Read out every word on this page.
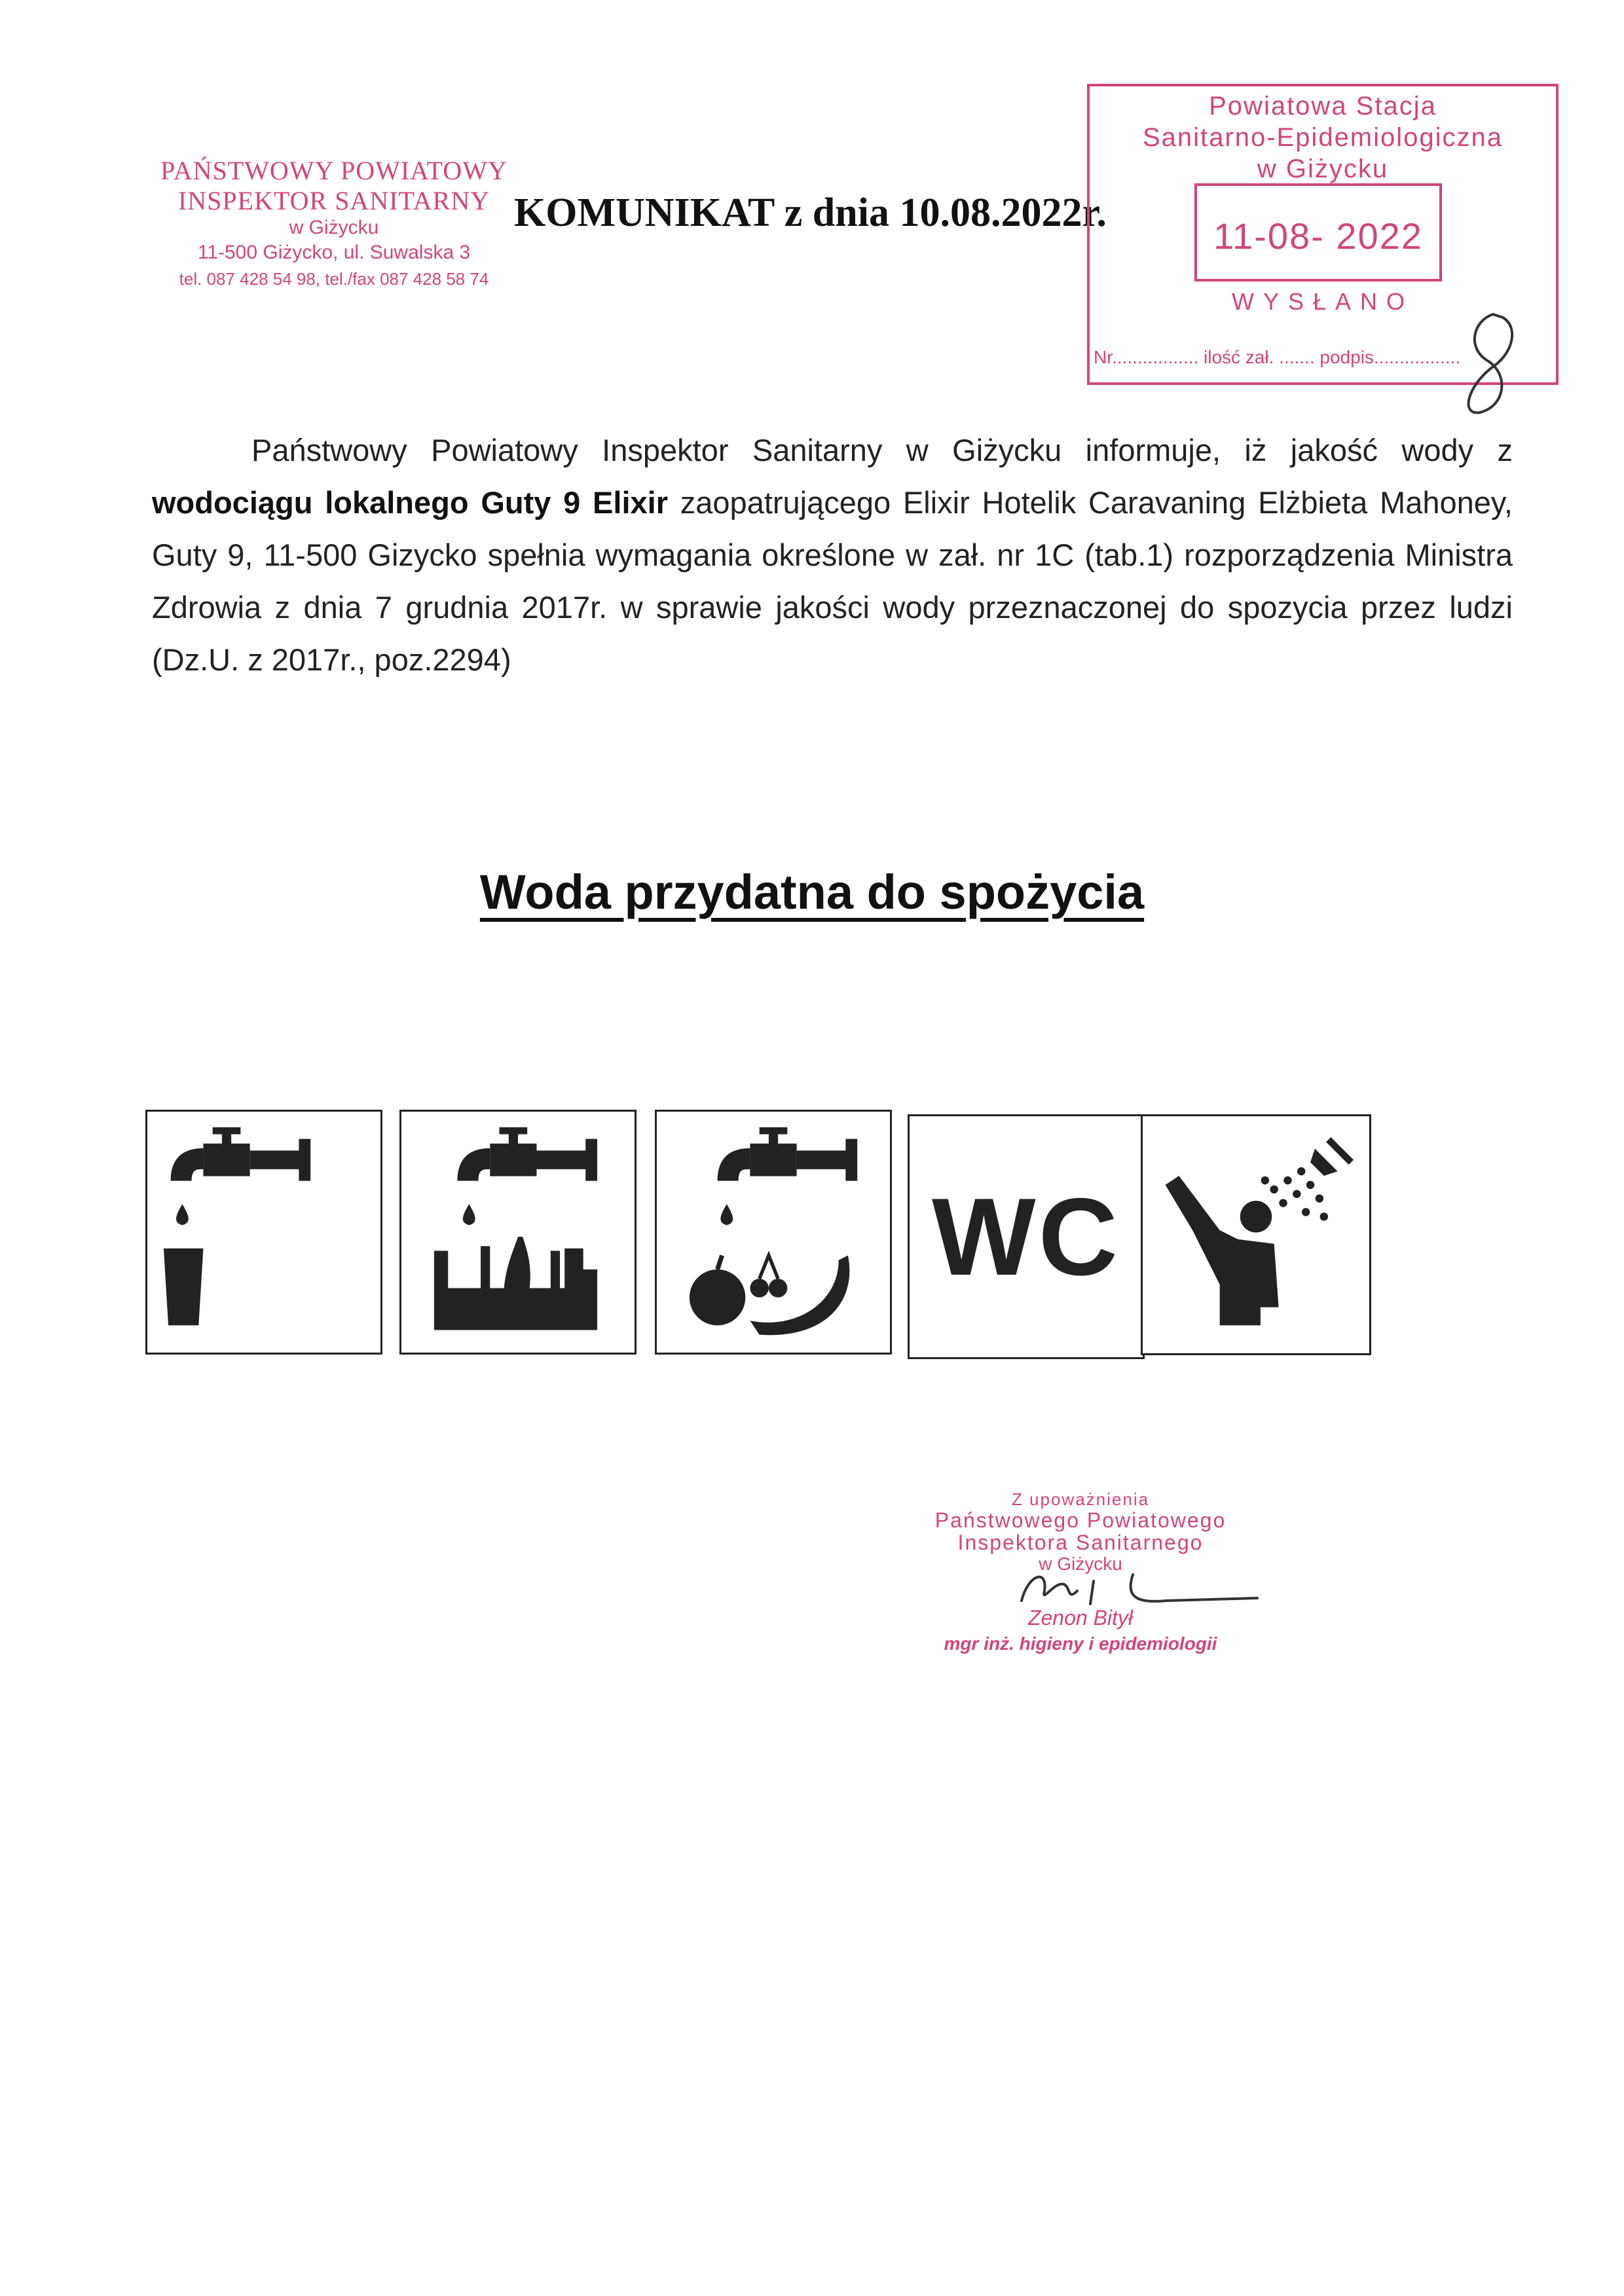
PAŃSTWOWY POWIATOWY
INSPEKTOR SANITARNY
w Giżycku
11-500 Giżycko, ul. Suwalska 3
tel. 087 428 54 98, tel./fax 087 428 58 74
KOMUNIKAT z dnia 10.08.2022r.
Powiatowa Stacja
Sanitarno-Epidemiologiczna
w Giżycku
11-08- 2022
WYSŁANO
Nr................. ilość zał. ....... podpis.................
Państwowy Powiatowy Inspektor Sanitarny w Giżycku informuje, iż jakość wody z wodociągu lokalnego Guty 9 Elixir zaopatrującego Elixir Hotelik Caravaning Elżbieta Mahoney, Guty 9, 11-500 Gizycko spełnia wymagania określone w zał. nr 1C (tab.1) rozporządzenia Ministra Zdrowia z dnia 7 grudnia 2017r. w sprawie jakości wody przeznaczonej do spozycia przez ludzi (Dz.U. z 2017r., poz.2294)
Woda przydatna do spożycia
WC
Z upoważnienia
Państwowego Powiatowego
Inspektora Sanitarnego
w Giżycku
Zenon Bitył
mgr inż. higieny i epidemiologii
